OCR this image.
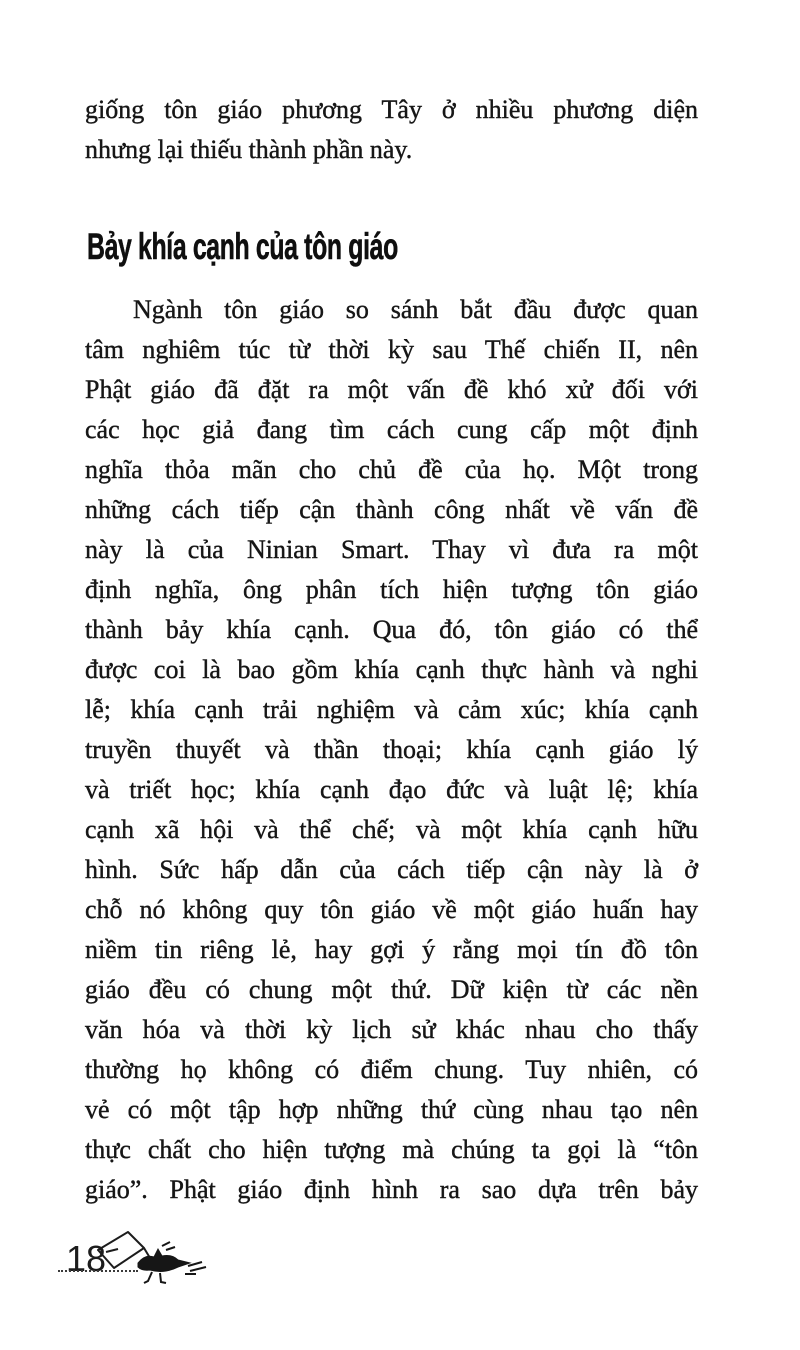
giống tôn giáo phương Tây ở nhiều phương diện
nhưng lại thiếu thành phần này.
Bảy khía cạnh của tôn giáo
Ngành tôn giáo so sánh bắt đầu được quan
tâm nghiêm túc từ thời kỳ sau Thế chiến II, nên
Phật giáo đã đặt ra một vấn đề khó xử đối với
các học giả đang tìm cách cung cấp một định
nghĩa thỏa mãn cho chủ đề của họ. Một trong
những cách tiếp cận thành công nhất về vấn đề
này là của Ninian Smart. Thay vì đưa ra một
định nghĩa, ông phân tích hiện tượng tôn giáo
thành bảy khía cạnh. Qua đó, tôn giáo có thể
được coi là bao gồm khía cạnh thực hành và nghi
lễ; khía cạnh trải nghiệm và cảm xúc; khía cạnh
truyền thuyết và thần thoại; khía cạnh giáo lý
và triết học; khía cạnh đạo đức và luật lệ; khía
cạnh xã hội và thể chế; và một khía cạnh hữu
hình. Sức hấp dẫn của cách tiếp cận này là ở
chỗ nó không quy tôn giáo về một giáo huấn hay
niềm tin riêng lẻ, hay gợi ý rằng mọi tín đồ tôn
giáo đều có chung một thứ. Dữ kiện từ các nền
văn hóa và thời kỳ lịch sử khác nhau cho thấy
thường họ không có điểm chung. Tuy nhiên, có
vẻ có một tập hợp những thứ cùng nhau tạo nên
thực chất cho hiện tượng mà chúng ta gọi là “tôn
giáo”. Phật giáo định hình ra sao dựa trên bảy
18
